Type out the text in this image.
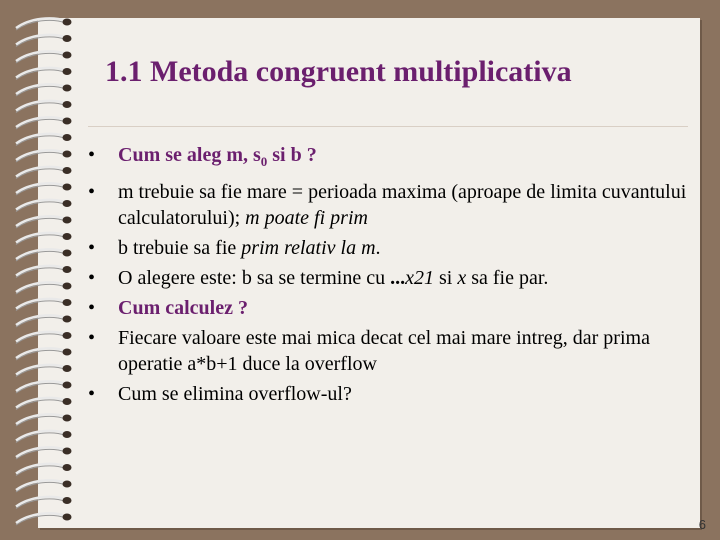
1.1 Metoda congruent multiplicativa
•	Cum se aleg m, $s_0$ si b ?
•	m trebuie sa fie mare = perioada maxima (aproape de limita cuvantului calculatorului); m poate fi prim
•	b trebuie sa fie prim relativ la m.
•	O alegere este: b sa se termine cu ...x21 si x sa fie par.
•	Cum calculez ?
•	Fiecare valoare este mai mica decat cel mai mare intreg, dar prima operatie a*b+1 duce la overflow
•	Cum se elimina overflow-ul?
6
